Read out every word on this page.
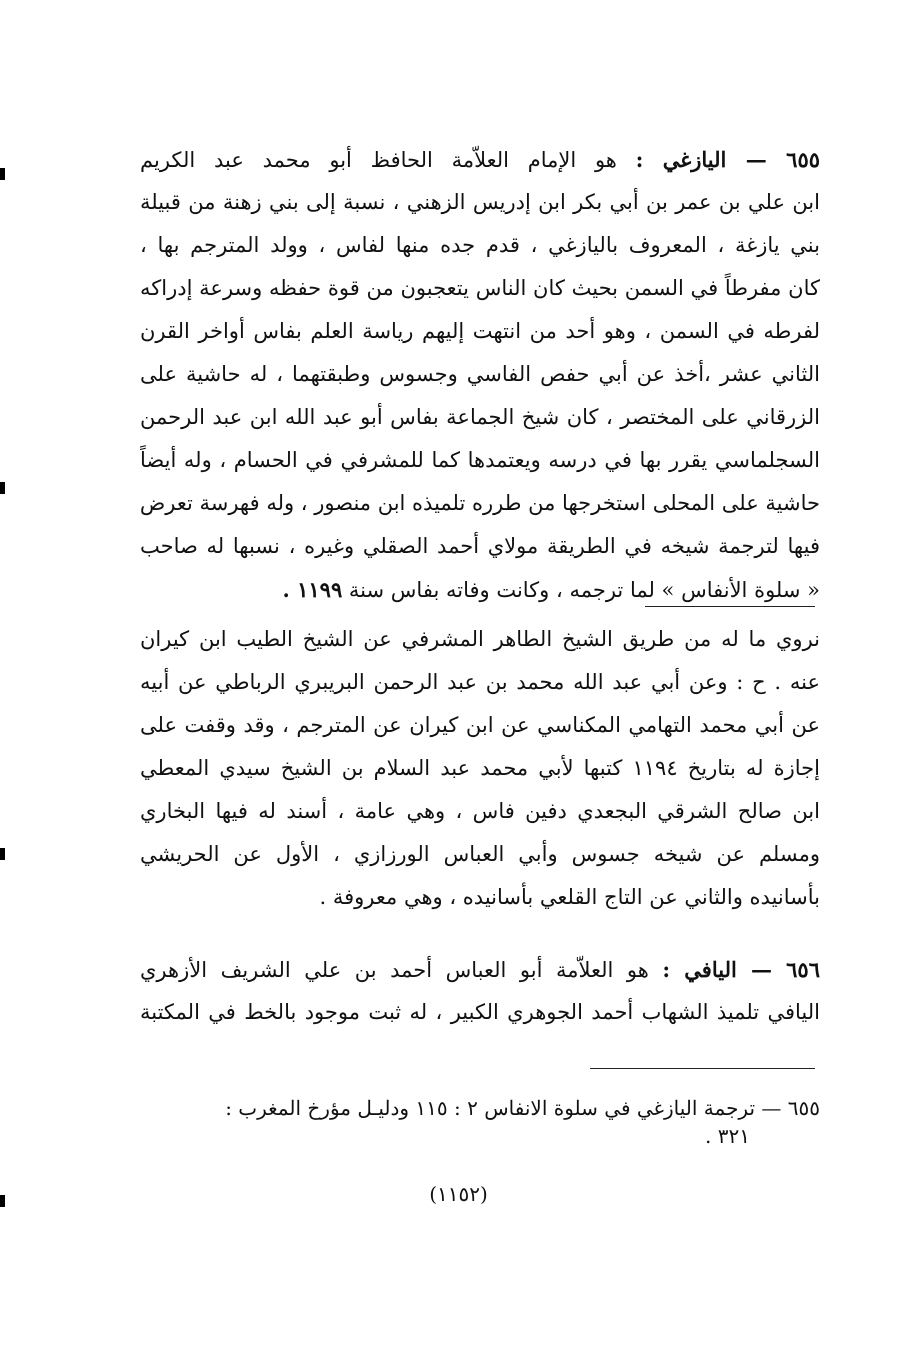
٦٥٥ — اليازغي : هو الإمام العلاّمة الحافظ أبو محمد عبد الكريم
ابن علي بن عمر بن أبي بكر ابن إدريس الزهني ، نسبة إلى بني زهنة من قبيلة
بني يازغة ، المعروف باليازغي ، قدم جده منها لفاس ، وولد المترجم بها ،
كان مفرطاً في السمن بحيث كان الناس يتعجبون من قوة حفظه وسرعة إدراكه
لفرطه في السمن ، وهو أحد من انتهت إليهم رياسة العلم بفاس أواخر القرن
الثاني عشر ،أخذ عن أبي حفص الفاسي وجسوس وطبقتهما ، له حاشية على
الزرقاني على المختصر ، كان شيخ الجماعة بفاس أبو عبد الله ابن عبد الرحمن
السجلماسي يقرر بها في درسه ويعتمدها كما للمشرفي في الحسام ، وله أيضاً
حاشية على المحلى استخرجها من طرره تلميذه ابن منصور ، وله فهرسة تعرض
فيها لترجمة شيخه في الطريقة مولاي أحمد الصقلي وغيره ، نسبها له صاحب
« سلوة الأنفاس » لما ترجمه ، وكانت وفاته بفاس سنة ١١٩٩ .
نروي ما له من طريق الشيخ الطاهر المشرفي عن الشيخ الطيب ابن كيران
عنه . ح : وعن أبي عبد الله محمد بن عبد الرحمن البريبري الرباطي عن أبيه
عن أبي محمد التهامي المكناسي عن ابن كيران عن المترجم ، وقد وقفت على
إجازة له بتاريخ ١١٩٤ كتبها لأبي محمد عبد السلام بن الشيخ سيدي المعطي
ابن صالح الشرقي البجعدي دفين فاس ، وهي عامة ، أسند له فيها البخاري
ومسلم عن شيخه جسوس وأبي العباس الورزازي ، الأول عن الحريشي
بأسانيده والثاني عن التاج القلعي بأسانيده ، وهي معروفة .
٦٥٦ — اليافي : هو العلاّمة أبو العباس أحمد بن علي الشريف الأزهري
اليافي تلميذ الشهاب أحمد الجوهري الكبير ، له ثبت موجود بالخط في المكتبة
٦٥٥ — ترجمة اليازغي في سلوة الانفاس ٢ : ١١٥ ودليـل مؤرخ المغرب :
٣٢١ .
(١١٥٢)
